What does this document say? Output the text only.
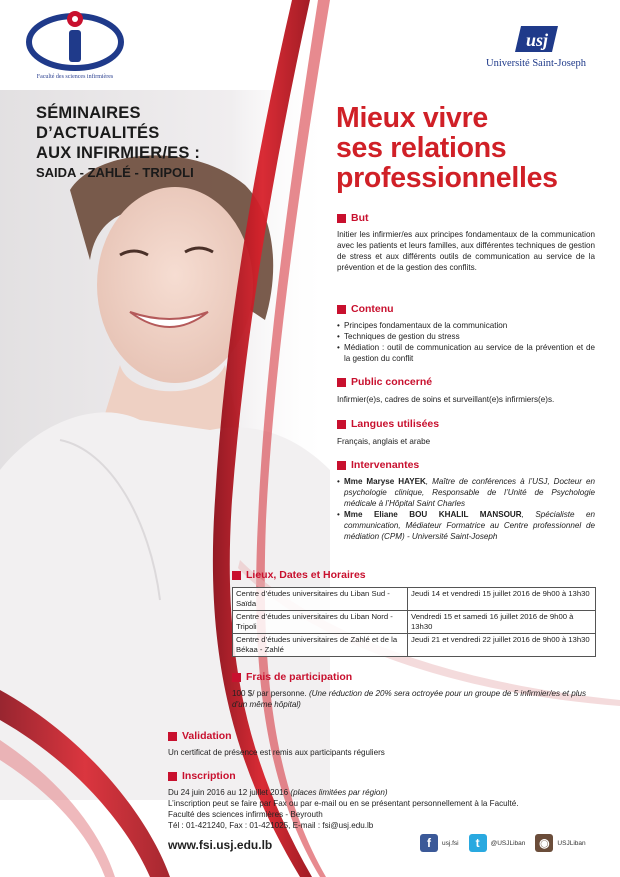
Faculté des sciences infirmières
usj
Université Saint-Joseph
SÉMINAIRES
D’ACTUALITÉS
AUX INFIRMIER/ES :
SAIDA - ZAHLÉ - TRIPOLI
Mieux vivre
ses relations
professionnelles
But
Initier les infirmier/es aux principes fondamentaux de la communication avec les patients et leurs familles, aux différentes techniques de gestion de stress et aux différents outils de communication au service de la prévention et de la gestion des conflits.
Contenu
• Principes fondamentaux de la communication
• Techniques de gestion du stress
• Médiation : outil de communication au service de la prévention et de la gestion du conflit
Public concerné
Infirmier(e)s, cadres de soins et surveillant(e)s infirmiers(e)s.
Langues utilisées
Français, anglais et arabe
Intervenantes
• Mme Maryse HAYEK, Maître de conférences à l’USJ, Docteur en psychologie clinique, Responsable de l’Unité de Psychologie médicale à l’Hôpital Saint Charles
• Mme Eliane BOU KHALIL MANSOUR, Spécialiste en communication, Médiateur Formatrice au Centre professionnel de médiation (CPM) - Université Saint-Joseph
Lieux, Dates et Horaires
Centre d’études universitaires du Liban Sud - Saïda	Jeudi 14 et vendredi 15 juillet 2016 de 9h00 à 13h30
Centre d’études universitaires du Liban Nord - Tripoli	Vendredi 15 et samedi 16 juillet 2016 de 9h00 à 13h30
Centre d’études universitaires de Zahlé et de la Békaa - Zahlé	Jeudi 21 et vendredi 22 juillet 2016 de 9h00 à 13h30
Frais de participation
100 $/ par personne. (Une réduction de 20% sera octroyée pour un groupe de 5 infirmier/es et plus d’un même hôpital)
Validation
Un certificat de présence est remis aux participants réguliers
Inscription
Du 24 juin 2016 au 12 juillet 2016 (places limitées par région)
L’inscription peut se faire par Fax ou par e-mail ou en se présentant personnellement à la Faculté.
Faculté des sciences infirmières - Beyrouth
Tél : 01-421240, Fax : 01-421025, E-mail : fsi@usj.edu.lb
www.fsi.usj.edu.lb	f	usj.fsi	t	@USJLiban	◉	USJLiban
